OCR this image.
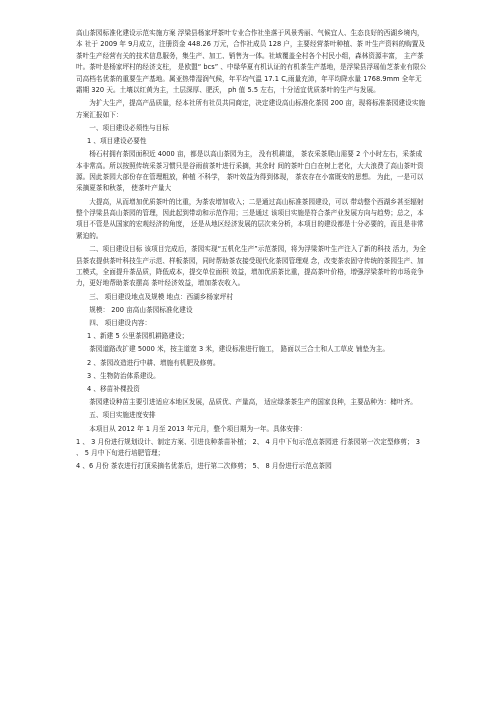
高山茶园标准化建设示范实施方案 浮梁县杨家坪茶叶专业合作社坐落于风景秀丽、气候宜人、生态良好的西湖乡境内，本 社于 2009 年 9月成立，注册资金 448.26 万元，合作社成员 128 户，主要经营茶叶种植、茶 叶生产资料的购置及茶叶生产经营有关的技术信息服务，集生产、加工、销售为一体。社域覆盖全村各个村民小组，森林资源丰富， 主产茶叶。茶叶是杨家坪村的经济支柱， 是欧盟“ bcs” 、中绿华夏有机认证的有机茶生产基地，是浮梁县浮瑶仙芝茶业有限公司高档名优茶的重要生产基地。属亚热带湿润气候，年平均气温 17.1 C,雨量充沛，年平均降水量 1768.9mm 全年无霜期 320 天。土壤以红黄为主，土层深厚、肥沃， ph 值 5.5 左右，十分适宜优质茶叶的生产与发展。

为扩大生产，提高产品质量，经本社所有社员共同商定，决定建设高山标准化茶园 200 亩，现将标准茶园建设实施方案汇报如下：

一、项目建设必须性与目标

1 、项目建设必要性

杨石村拥有茶园面积近 4000 亩，都是以高山茶园为主， 没有机耕道， 茶农采茶爬山需要 2 个小时左右，采茶成本非常高。所以按照传统采茶习惯只是谷雨前茶叶进行采摘，其余时 间的茶叶白白在树上老化，大大浪费了高山茶叶资源。因此茶园大部份存在管理粗放，种植 不科学， 茶叶效益为得到体现， 茶农存在小富既安的思想。 为此，一是可以采摘夏茶和秋茶， 使茶叶产量大

大提高，从而增加优质茶叶的比重，为茶农增加收入；二是通过高山标准茶园建设，可以 带动整个西湖乡甚至辐射整个浮梁县高山茶园的管理，因此起到带动和示范作用；三是通过 该项目实施是符合茶产业发展方向与趋势；总之，本项目不管是从国家的宏观经济的角度， 还是从地区经济发展的层次来分析，本项目的建设都是十分必要的，而且是非常紧迫的。

二、项目建设目标 该项目完成后，茶园实现“五机化生产”示范茶园，将为浮梁茶叶生产注入了新的科技 活力，为全县茶农提供茶叶科技生产示范、样板茶园，同时帮助茶农接受现代化茶园管理观 念，改变茶农固守传统的茶园生产、加工模式，全面提升茶品质，降低成本，提交单位面积 效益，增加优质茶比重，提高茶叶价格，增强浮梁茶叶的市场竞争力，更好地帮助茶农摆高 茶叶经济效益，增加茶农收入。

三、 项目建设地点及规模 地点：西湖乡杨家坪村

规模： 200 亩高山茶园标准化建设

四、 项目建设内容：

1 、新建 5 公里茶园机耕路建设；

茶园道路改扩建 5000 米，按主道宽 3 米，建设标准进行施工， 路面以三合土和人工草皮 铺垫为主。

2 、茶园改造进行中耕、增施有机肥及修剪。

3 、生物防治体系建设。

4 、移苗补棵投资

茶园建设种苗主要引进适应本地区发展，品质优、产量高， 适应绿茶茶生产的国家良种，主要品种为：槠叶齐。

五、项目实施进度安排

本项目从 2012 年 1 月至 2013 年元月，整个项目期为一年。具体安排：

1 、 3 月份进行规划设计、制定方案、引进良种茶苗补植； 2、 4 月中下旬示范点茶园进 行茶园第一次定型修剪； 3 、 5 月中下旬进行培肥管理；

4 、6 月份 茶农进行打顶采摘名优茶后，进行第二次修剪； 5、 8 月份进行示范点茶园
